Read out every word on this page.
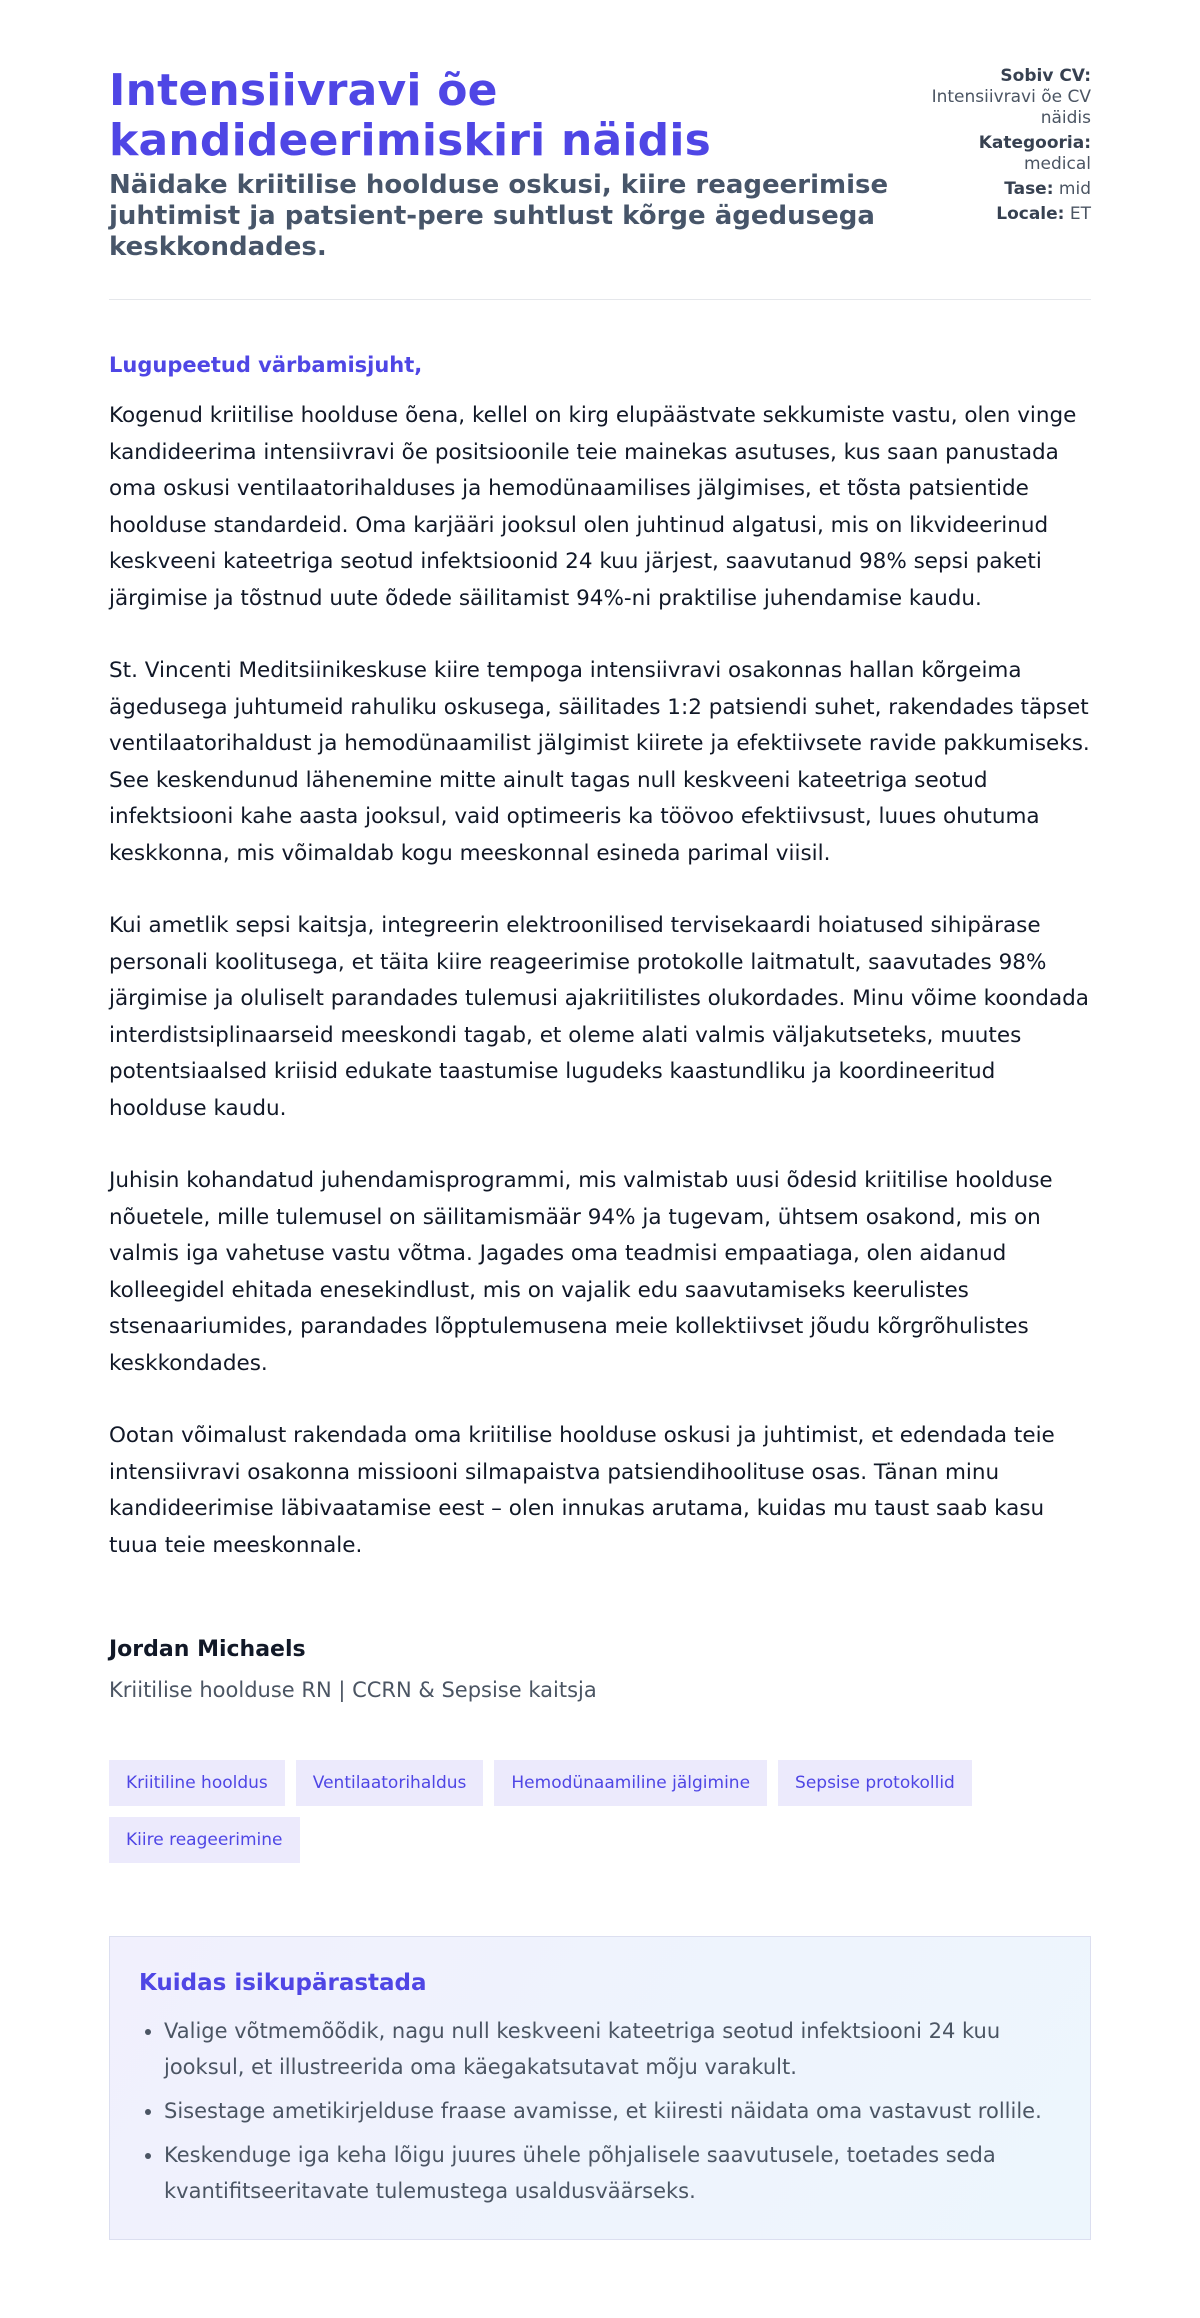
Intensiivravi õe kandideerimiskiri näidis
Näidake kriitilise hoolduse oskusi, kiire reageerimise juhtimist ja patsient-pere suhtlust kõrge ägedusega keskkondades.
Sobiv CV:
Intensiivravi õe CV näidis
Kategooria:
medical
Tase: mid
Locale: ET

Lugupeetud värbamisjuht,

Kogenud kriitilise hoolduse õena, kellel on kirg elupäästvate sekkumiste vastu, olen vinge kandideerima intensiivravi õe positsioonile teie mainekas asutuses, kus saan panustada oma oskusi ventilaatorihalduses ja hemodünaamilises jälgimises, et tõsta patsientide hoolduse standardeid. Oma karjääri jooksul olen juhtinud algatusi, mis on likvideerinud keskveeni kateetriga seotud infektsioonid 24 kuu järjest, saavutanud 98% sepsi paketi järgimise ja tõstnud uute õdede säilitamist 94%-ni praktilise juhendamise kaudu.

St. Vincenti Meditsiinikeskuse kiire tempoga intensiivravi osakonnas hallan kõrgeima ägedusega juhtumeid rahuliku oskusega, säilitades 1:2 patsiendi suhet, rakendades täpset ventilaatorihaldust ja hemodünaamilist jälgimist kiirete ja efektiivsete ravide pakkumiseks. See keskendunud lähenemine mitte ainult tagas null keskveeni kateetriga seotud infektsiooni kahe aasta jooksul, vaid optimeeris ka töövoo efektiivsust, luues ohutuma keskkonna, mis võimaldab kogu meeskonnal esineda parimal viisil.

Kui ametlik sepsi kaitsja, integreerin elektroonilised tervisekaardi hoiatused sihipärase personali koolitusega, et täita kiire reageerimise protokolle laitmatult, saavutades 98% järgimise ja oluliselt parandades tulemusi ajakriitilistes olukordades. Minu võime koondada interdistsiplinaarseid meeskondi tagab, et oleme alati valmis väljakutseteks, muutes potentsiaalsed kriisid edukate taastumise lugudeks kaastundliku ja koordineeritud hoolduse kaudu.

Juhisin kohandatud juhendamisprogrammi, mis valmistab uusi õdesid kriitilise hoolduse nõuetele, mille tulemusel on säilitamismäär 94% ja tugevam, ühtsem osakond, mis on valmis iga vahetuse vastu võtma. Jagades oma teadmisi empaatiaga, olen aidanud kolleegidel ehitada enesekindlust, mis on vajalik edu saavutamiseks keerulistes stsenaariumides, parandades lõpptulemusena meie kollektiivset jõudu kõrgrõhulistes keskkondades.

Ootan võimalust rakendada oma kriitilise hoolduse oskusi ja juhtimist, et edendada teie intensiivravi osakonna missiooni silmapaistva patsiendihoolituse osas. Tänan minu kandideerimise läbivaatamise eest – olen innukas arutama, kuidas mu taust saab kasu tuua teie meeskonnale.

Jordan Michaels

Kriitilise hoolduse RN | CCRN & Sepsise kaitsja

Kriitiline hooldus	Ventilaatorihaldus	Hemodünaamiline jälgimine	Sepsise protokollid
Kiire reageerimine
Kuidas isikupärastada
• Valige võtmemõõdik, nagu null keskveeni kateetriga seotud infektsiooni 24 kuu jooksul, et illustreerida oma käegakatsutavat mõju varakult.
• Sisestage ametikirjelduse fraase avamisse, et kiiresti näidata oma vastavust rollile.
• Keskenduge iga keha lõigu juures ühele põhjalisele saavutusele, toetades seda kvantifitseeritavate tulemustega usaldusväärseks.
